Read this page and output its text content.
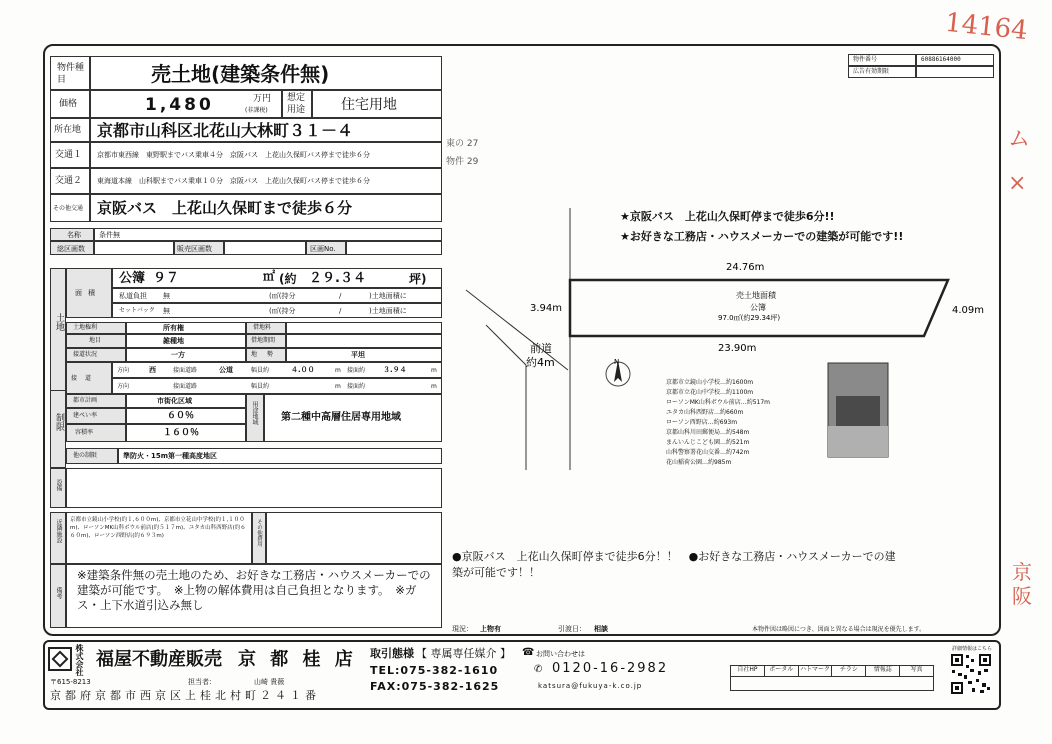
14164
ム ×
京阪
東の 27
物件 29
物件種目	売土地(建築条件無)
価格	1,480	万円
(非課税)
想定用途	住宅用地
所在地 京都市山科区北花山大林町３１－４
交通１ 京都市東西線　東野駅までバス乗車４分　京阪バス　上花山久保町バス停まで徒歩６分
交通２ 東海道本線　山科駅までバス乗車１０分　京阪バス　上花山久保町バス停まで徒歩６分
その他交通 京阪バス　上花山久保町まで徒歩６分
名称	条件無
総区画数	販売区画数	区画No.
土地
面積
公簿 ９７	㎡ (約 ２９.３４	坪)
私道負担 無	(㎡(持分	/	)土地面積に
セットバック 無	(㎡(持分	/	)土地面積に
土地権利	所有権	借地料
地目	雑種地	借地期間
接道状況	一方	地勢	平坦
接道
方向	西	接面道路	公道	幅員約	４.００	m 接面約	３.９４	m
方向	接面道路	幅員約	m 接面約	m
制限
都市計画	市街化区域
建ぺい率	６０％
容積率	１６０％
用途地域 第二種中高層住居専用地域
他の制限	準防火・15m第一種高度地区
設備
近隣施設 京都市立鏡山小学校(約１,６００m)、京都市立花山中学校(約１,１００m)、ローソンMK山科ボウル前店(約５１７m)、ユタカ山科西野店(約６６０m)、ローソン西野店(約６９３m)	その他費用
備考
※建築条件無の売土地のため、お好きな工務店・ハウスメーカーでの建築が可能です。　※上物の解体費用は自己負担となります。　※ガス・上下水道引込み無し
物件番号	60886164000
広告有効期限
★京阪バス　上花山久保町停まで徒歩6分!!
★お好きな工務店・ハウスメーカーでの建築が可能です!!
24.76m
23.90m
3.94m	4.09m
売土地面積
公簿
97.0㎡(約29.34坪)
前道
約4m	N
京都市立鏡山小学校…約1600m
京都市立花山中学校…約1100m
ローソンMK山科ボウル前店…約517m
ユタカ山科西野店…約660m
ローソン西野店…約693m
京都山科川田郵便局…約548m
まんいんじこども園…約521m
山科警察署花山交番…約742m
花山稲荷公園…約985m
●京阪バス　上花山久保町停まで徒歩6分！！　●お好きな工務店・ハウスメーカーでの建
築が可能です！！
現況： 上物有	引渡日： 相談	本物件図は略図につき、図面と異なる場合は現況を優先します。
株式会社 福屋不動産販売 京 都 桂 店
〒615-8213	担当者：	山崎 貴薇
京都府京都市西京区上桂北村町２４１番
取引態様 【 専属専任媒介 】 ☎ お問い合わせは
TEL:075-382-1610	✆ 0120-16-2982
FAX:075-382-1625	katsura@fukuya-k.co.jp
自社HP	ポータル	ハトマーク	チラシ	情報誌	写真
詳細情報はこちら
